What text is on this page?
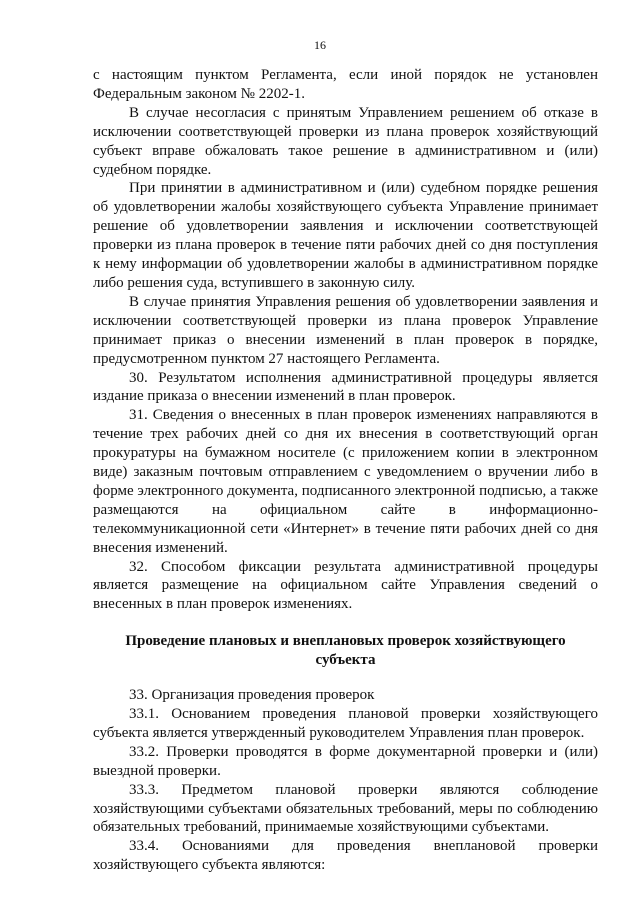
16

с настоящим пунктом Регламента, если иной порядок не установлен Федеральным законом № 2202-1.

В случае несогласия с принятым Управлением решением об отказе в исключении соответствующей проверки из плана проверок хозяйствующий субъект вправе обжаловать такое решение в административном и (или) судебном порядке.

При принятии в административном и (или) судебном порядке решения об удовлетворении жалобы хозяйствующего субъекта Управление принимает решение об удовлетворении заявления и исключении соответствующей проверки из плана проверок в течение пяти рабочих дней со дня поступления к нему информации об удовлетворении жалобы в административном порядке либо решения суда, вступившего в законную силу.

В случае принятия Управления решения об удовлетворении заявления и исключении соответствующей проверки из плана проверок Управление принимает приказ о внесении изменений в план проверок в порядке, предусмотренном пунктом 27 настоящего Регламента.

30. Результатом исполнения административной процедуры является издание приказа о внесении изменений в план проверок.

31. Сведения о внесенных в план проверок изменениях направляются в течение трех рабочих дней со дня их внесения в соответствующий орган прокуратуры на бумажном носителе (с приложением копии в электронном виде) заказным почтовым отправлением с уведомлением о вручении либо в форме электронного документа, подписанного электронной подписью, а также размещаются на официальном сайте в информационно-телекоммуникационной сети «Интернет» в течение пяти рабочих дней со дня внесения изменений.

32. Способом фиксации результата административной процедуры является размещение на официальном сайте Управления сведений о внесенных в план проверок изменениях.

Проведение плановых и внеплановых проверок хозяйствующего субъекта

33. Организация проведения проверок

33.1. Основанием проведения плановой проверки хозяйствующего субъекта является утвержденный руководителем Управления план проверок.

33.2. Проверки проводятся в форме документарной проверки и (или) выездной проверки.

33.3. Предметом плановой проверки являются соблюдение хозяйствующими субъектами обязательных требований, меры по соблюдению обязательных требований, принимаемые хозяйствующими субъектами.

33.4. Основаниями для проведения внеплановой проверки хозяйствующего субъекта являются:
